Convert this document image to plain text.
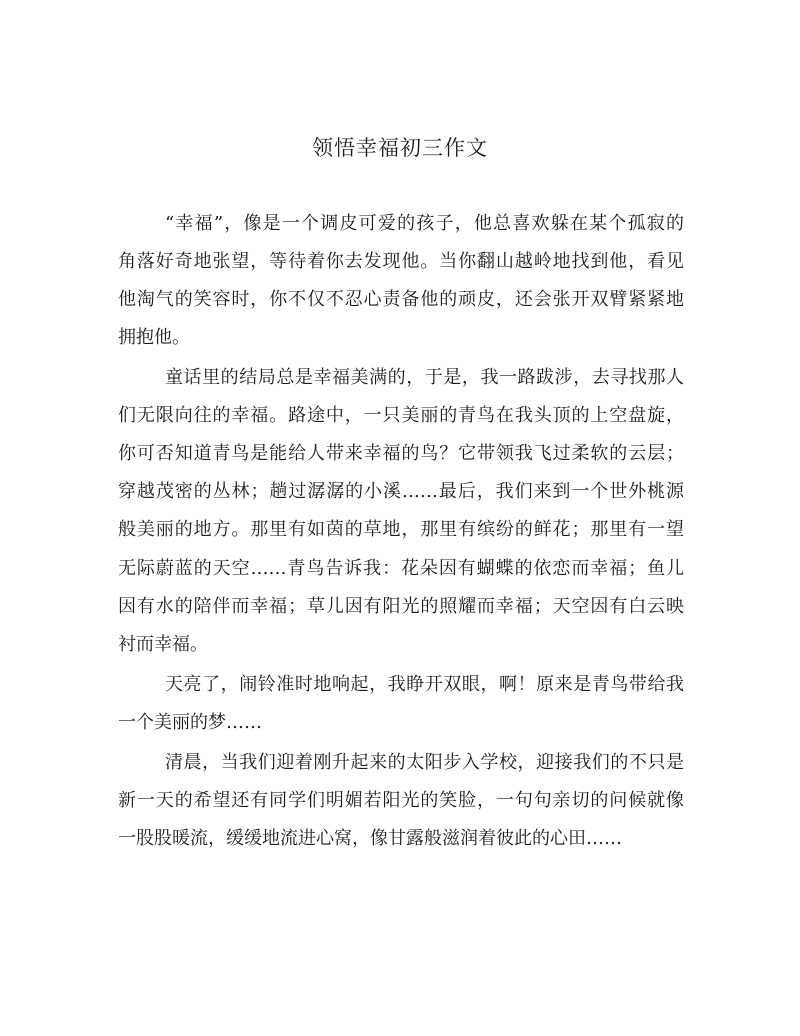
领悟幸福初三作文
“幸福”，像是一个调皮可爱的孩子，他总喜欢躲在某个孤寂的
角落好奇地张望，等待着你去发现他。当你翻山越岭地找到他，看见
他淘气的笑容时，你不仅不忍心责备他的顽皮，还会张开双臂紧紧地
拥抱他。
童话里的结局总是幸福美满的，于是，我一路跋涉，去寻找那人
们无限向往的幸福。路途中，一只美丽的青鸟在我头顶的上空盘旋，
你可否知道青鸟是能给人带来幸福的鸟？它带领我飞过柔软的云层；
穿越茂密的丛林；趟过潺潺的小溪……最后，我们来到一个世外桃源
般美丽的地方。那里有如茵的草地，那里有缤纷的鲜花；那里有一望
无际蔚蓝的天空……青鸟告诉我：花朵因有蝴蝶的依恋而幸福；鱼儿
因有水的陪伴而幸福；草儿因有阳光的照耀而幸福；天空因有白云映
衬而幸福。
天亮了，闹铃准时地响起，我睁开双眼，啊！原来是青鸟带给我
一个美丽的梦……
清晨，当我们迎着刚升起来的太阳步入学校，迎接我们的不只是
新一天的希望还有同学们明媚若阳光的笑脸，一句句亲切的问候就像
一股股暖流，缓缓地流进心窝，像甘露般滋润着彼此的心田……
